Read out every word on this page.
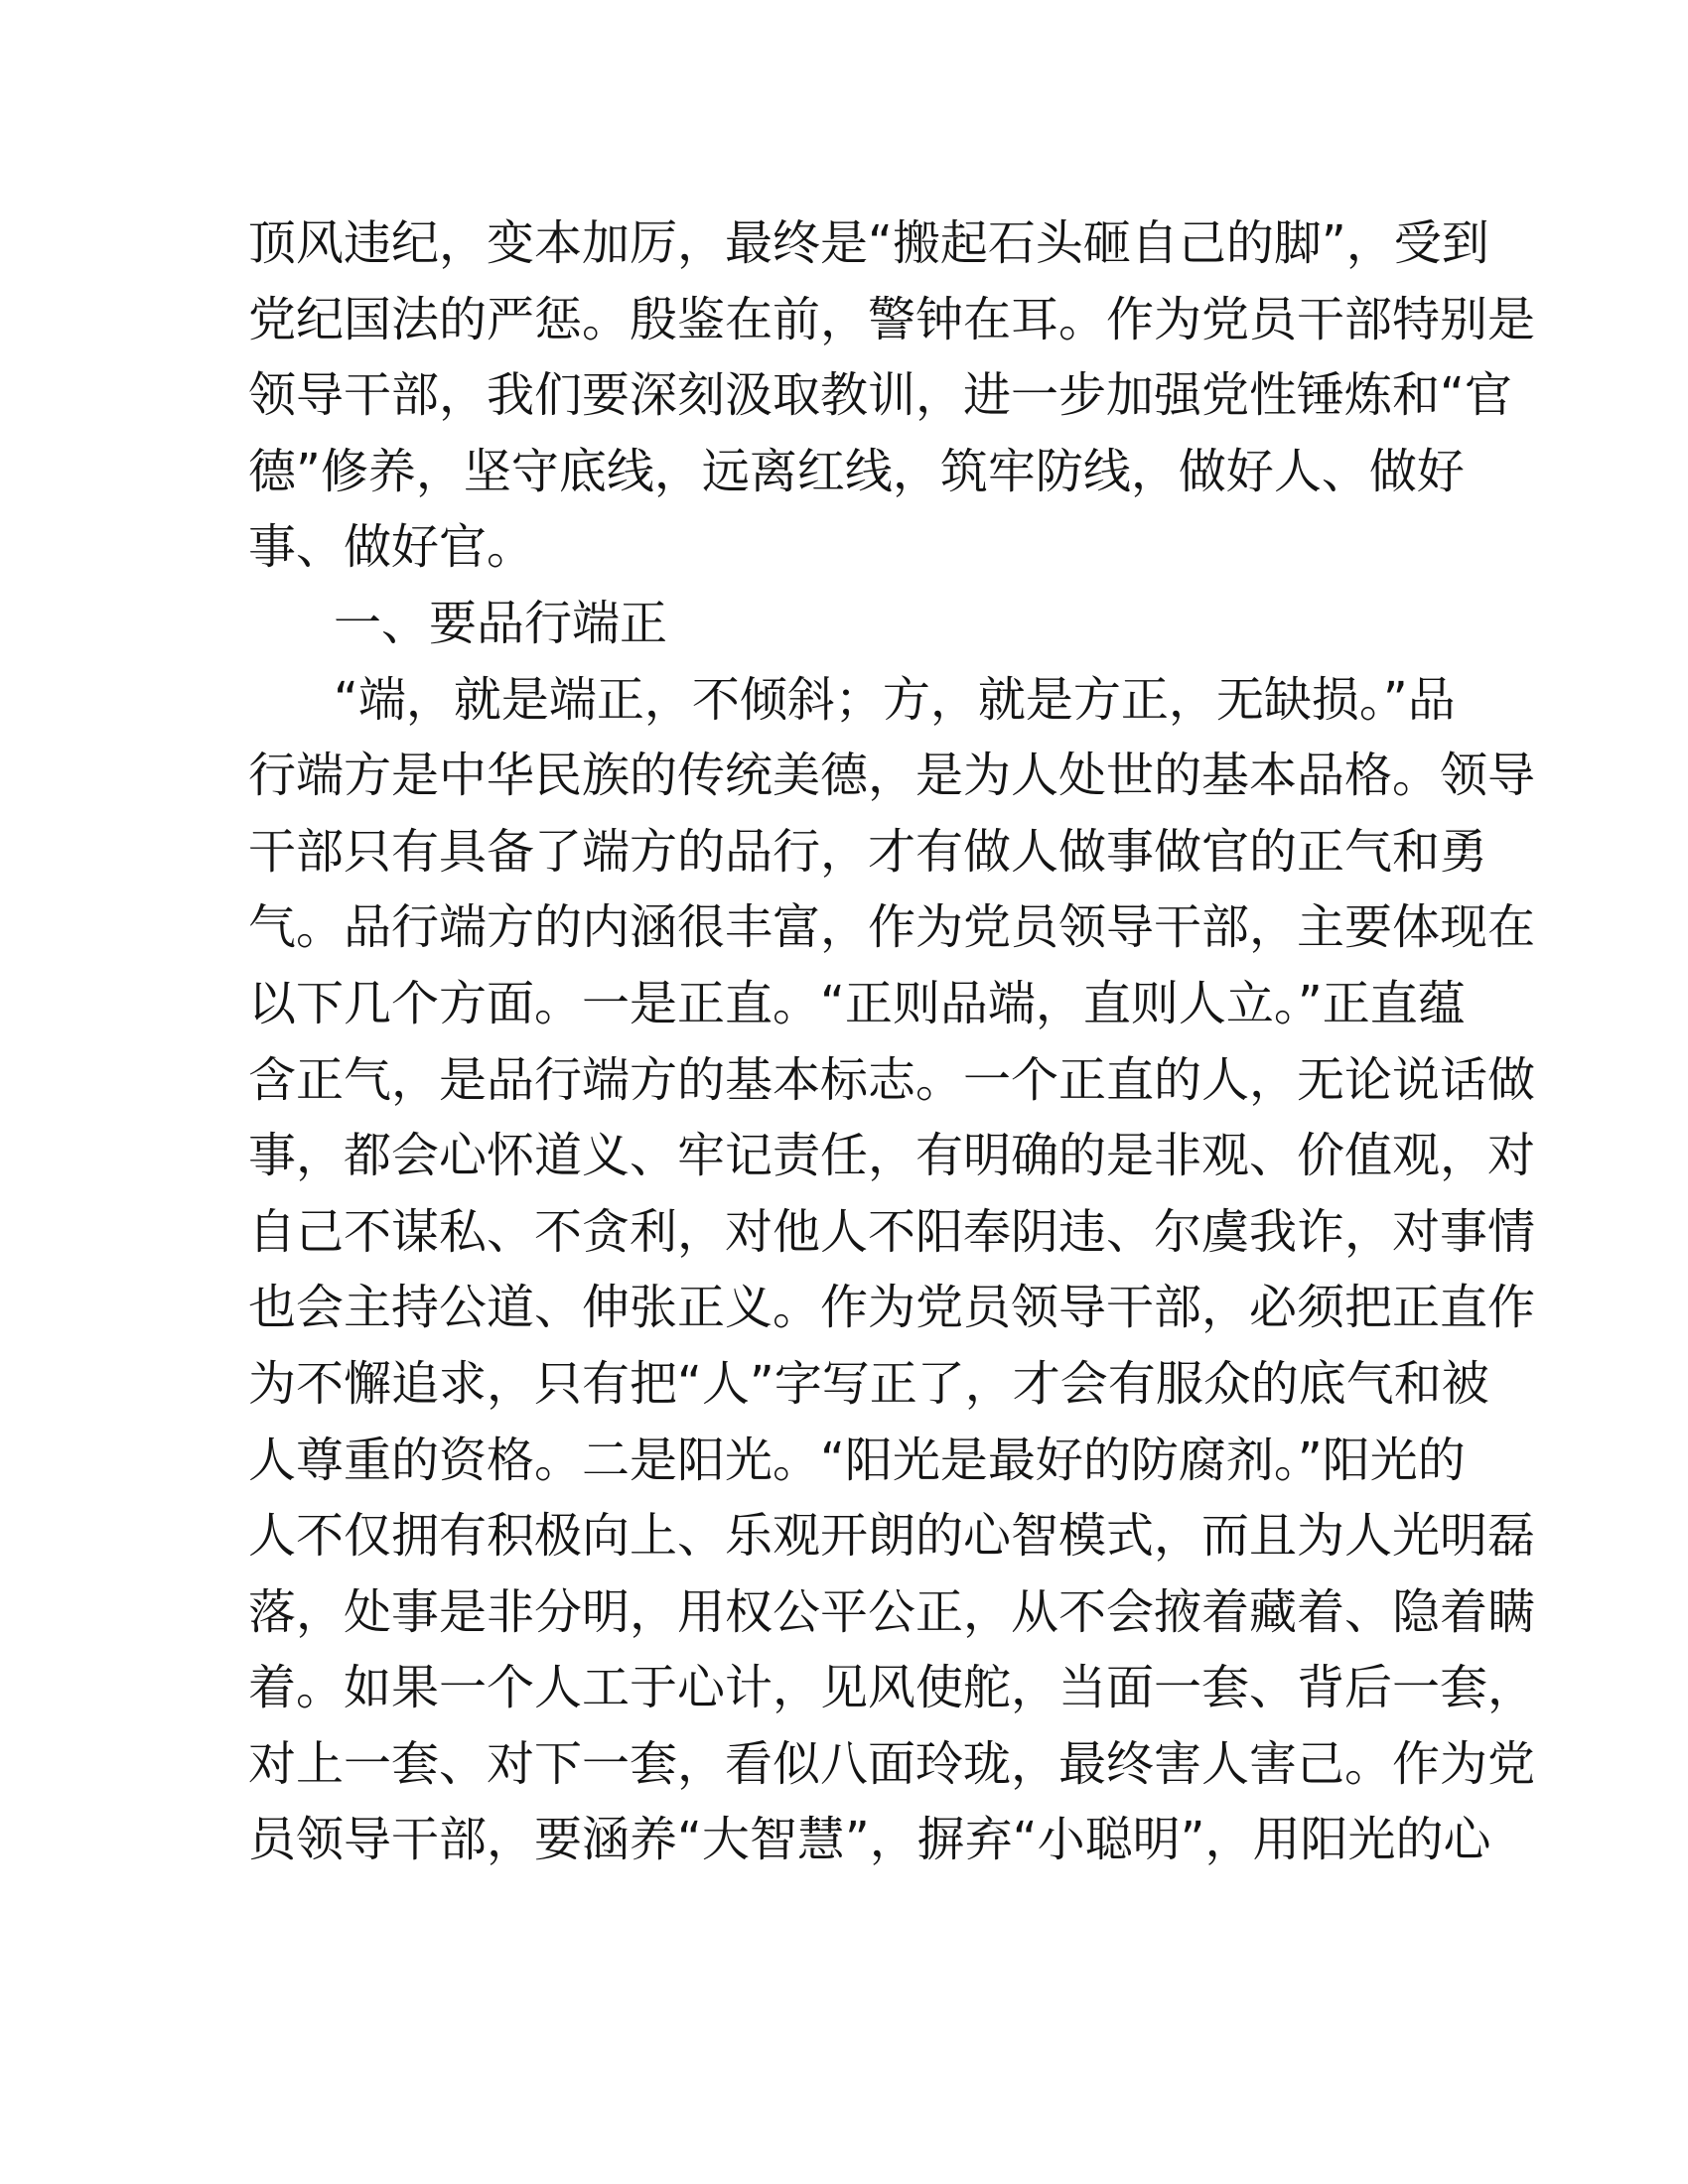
顶风违纪，变本加厉，最终是“搬起石头砸自己的脚”，受到
党纪国法的严惩。殷鉴在前，警钟在耳。作为党员干部特别是
领导干部，我们要深刻汲取教训，进一步加强党性锤炼和“官
德”修养，坚守底线，远离红线，筑牢防线，做好人、做好
事、做好官。
一、要品行端正
“端，就是端正，不倾斜；方，就是方正，无缺损。”品
行端方是中华民族的传统美德，是为人处世的基本品格。领导
干部只有具备了端方的品行，才有做人做事做官的正气和勇
气。品行端方的内涵很丰富，作为党员领导干部，主要体现在
以下几个方面。一是正直。“正则品端，直则人立。”正直蕴
含正气，是品行端方的基本标志。一个正直的人，无论说话做
事，都会心怀道义、牢记责任，有明确的是非观、价值观，对
自己不谋私、不贪利，对他人不阳奉阴违、尔虞我诈，对事情
也会主持公道、伸张正义。作为党员领导干部，必须把正直作
为不懈追求，只有把“人”字写正了，才会有服众的底气和被
人尊重的资格。二是阳光。“阳光是最好的防腐剂。”阳光的
人不仅拥有积极向上、乐观开朗的心智模式，而且为人光明磊
落，处事是非分明，用权公平公正，从不会掖着藏着、隐着瞒
着。如果一个人工于心计，见风使舵，当面一套、背后一套，
对上一套、对下一套，看似八面玲珑，最终害人害己。作为党
员领导干部，要涵养“大智慧”，摒弃“小聪明”，用阳光的心
